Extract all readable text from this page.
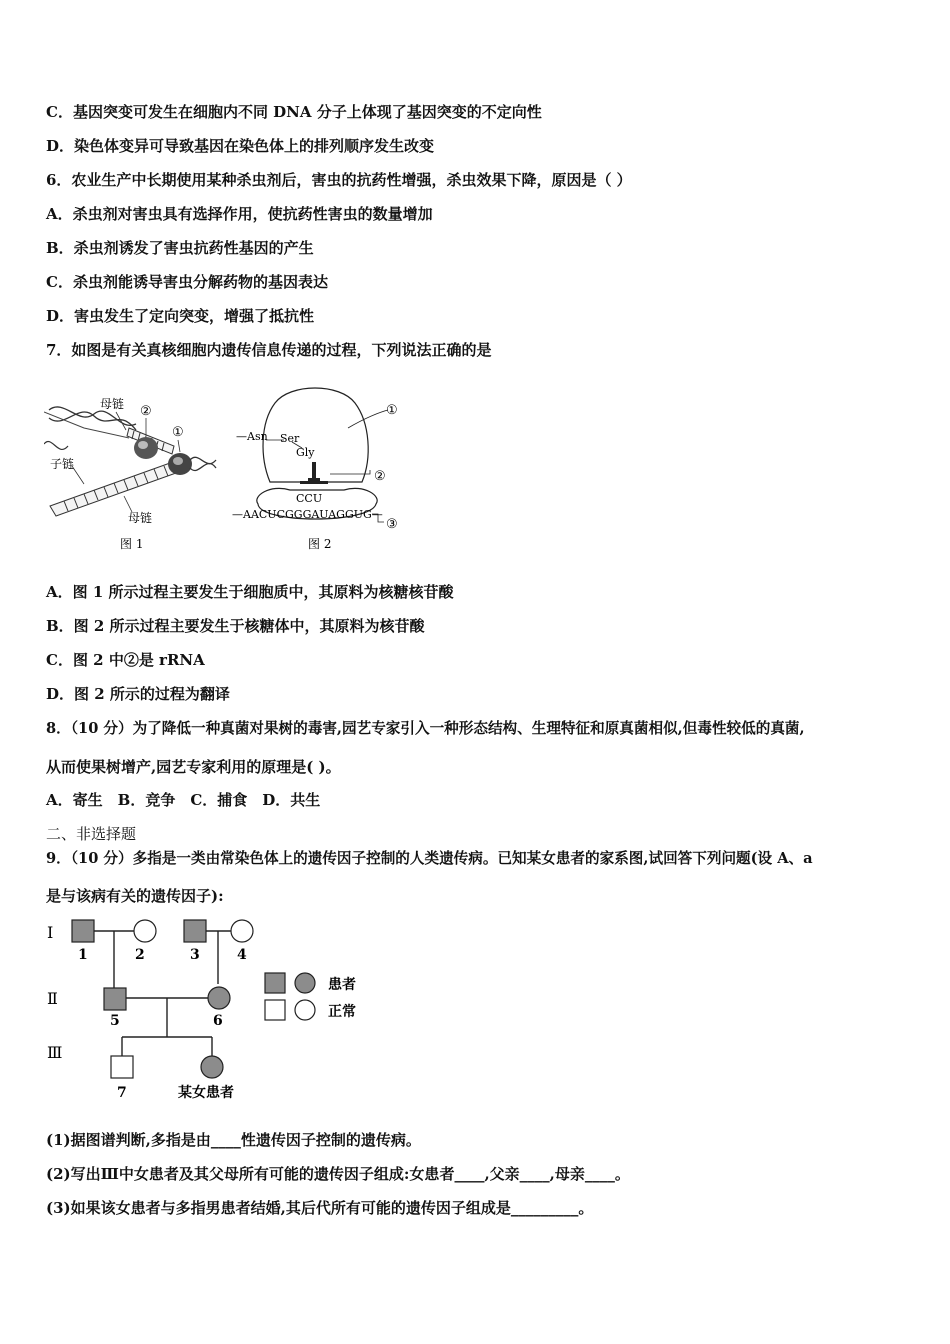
C．基因突变可发生在细胞内不同 DNA 分子上体现了基因突变的不定向性
D．染色体变异可导致基因在染色体上的排列顺序发生改变
6．农业生产中长期使用某种杀虫剂后，害虫的抗药性增强，杀虫效果下降，原因是（ ）
A．杀虫剂对害虫具有选择作用，使抗药性害虫的数量增加
B．杀虫剂诱发了害虫抗药性基因的产生
C．杀虫剂能诱导害虫分解药物的基因表达
D．害虫发生了定向突变，增强了抵抗性
7．如图是有关真核细胞内遗传信息传递的过程，下列说法正确的是
母链 ②
①
子链
母链
图 1
—Asn Ser
Gly
CCU
—AACUCGGGAUAGGUG—
①
②
③
图 2
A．图 1 所示过程主要发生于细胞质中，其原料为核糖核苷酸
B．图 2 所示过程主要发生于核糖体中，其原料为核苷酸
C．图 2 中②是 rRNA
D．图 2 所示的过程为翻译
8．（10 分）为了降低一种真菌对果树的毒害,园艺专家引入一种形态结构、生理特征和原真菌相似,但毒性较低的真菌,
从而使果树增产,园艺专家利用的原理是( )。
A．寄生　B．竞争　C．捕食　D．共生
二、非选择题
9．（10 分）多指是一类由常染色体上的遗传因子控制的人类遗传病。已知某女患者的家系图,试回答下列问题(设 A、a
是与该病有关的遗传因子):
Ⅰ
Ⅱ
Ⅲ
1	2	3	4
5	6
7	某女患者
患者
正常
(1)据图谱判断,多指是由____性遗传因子控制的遗传病。
(2)写出Ⅲ中女患者及其父母所有可能的遗传因子组成:女患者____,父亲____,母亲____。
(3)如果该女患者与多指男患者结婚,其后代所有可能的遗传因子组成是_________。
